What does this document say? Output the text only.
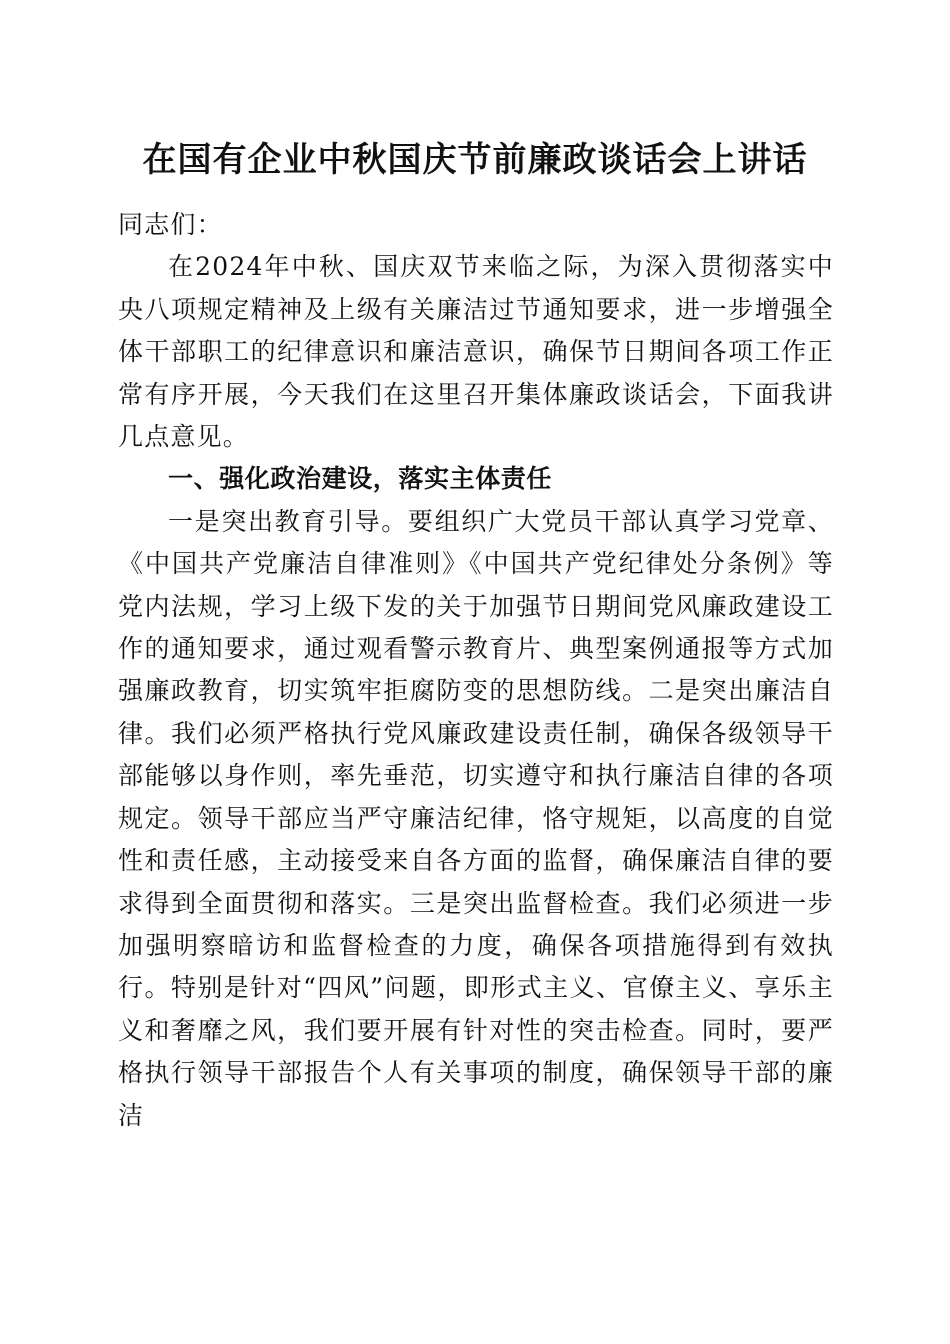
在国有企业中秋国庆节前廉政谈话会上讲话

同志们：

在2024年中秋、国庆双节来临之际，为深入贯彻落实中央八项规定精神及上级有关廉洁过节通知要求，进一步增强全体干部职工的纪律意识和廉洁意识，确保节日期间各项工作正常有序开展，今天我们在这里召开集体廉政谈话会，下面我讲几点意见。

一、强化政治建设，落实主体责任

一是突出教育引导。要组织广大党员干部认真学习党章、《中国共产党廉洁自律准则》《中国共产党纪律处分条例》等党内法规，学习上级下发的关于加强节日期间党风廉政建设工作的通知要求，通过观看警示教育片、典型案例通报等方式加强廉政教育，切实筑牢拒腐防变的思想防线。二是突出廉洁自律。我们必须严格执行党风廉政建设责任制，确保各级领导干部能够以身作则，率先垂范，切实遵守和执行廉洁自律的各项规定。领导干部应当严守廉洁纪律，恪守规矩，以高度的自觉性和责任感，主动接受来自各方面的监督，确保廉洁自律的要求得到全面贯彻和落实。三是突出监督检查。我们必须进一步加强明察暗访和监督检查的力度，确保各项措施得到有效执行。特别是针对“四风”问题，即形式主义、官僚主义、享乐主义和奢靡之风，我们要开展有针对性的突击检查。同时，要严格执行领导干部报告个人有关事项的制度，确保领导干部的廉洁
